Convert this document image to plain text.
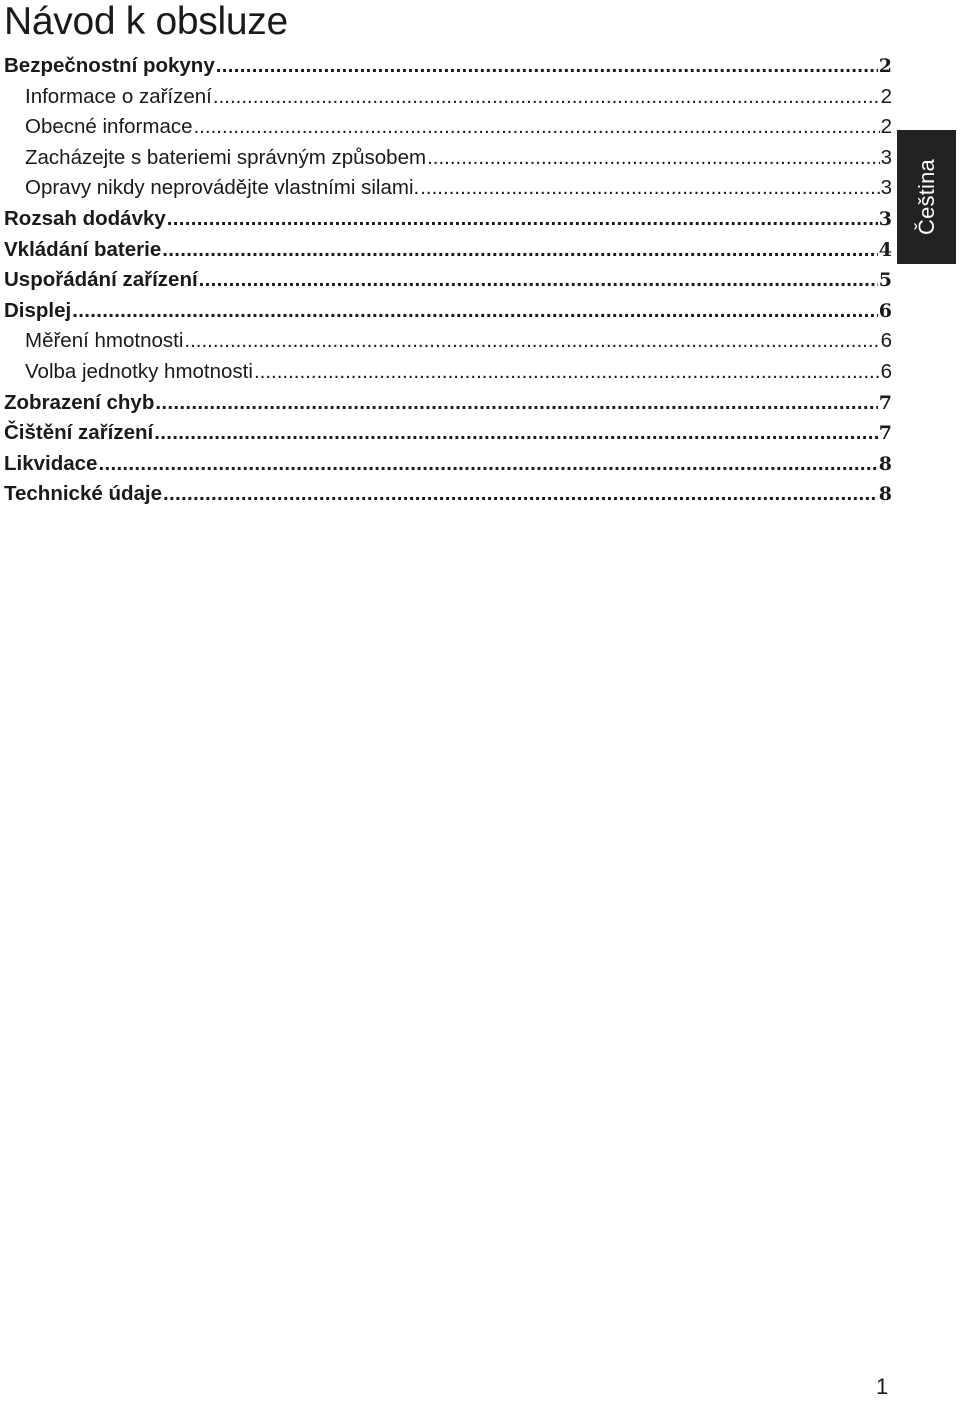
Návod k obsluze
Bezpečnostní pokyny .....	2
Informace o zařízení .....	2
Obecné informace .....	2
Zacházejte s bateriemi správným způsobem .....	3
Opravy nikdy neprovádějte vlastními silami. .....	3
Rozsah dodávky .....	3
Vkládání baterie .....	4
Uspořádání zařízení .....	5
Displej .....	6
Měření hmotnosti .....	6
Volba jednotky hmotnosti .....	6
Zobrazení chyb .....	7
Čištění zařízení .....	7
Likvidace .....	8
Technické údaje .....	8
Čeština
1
